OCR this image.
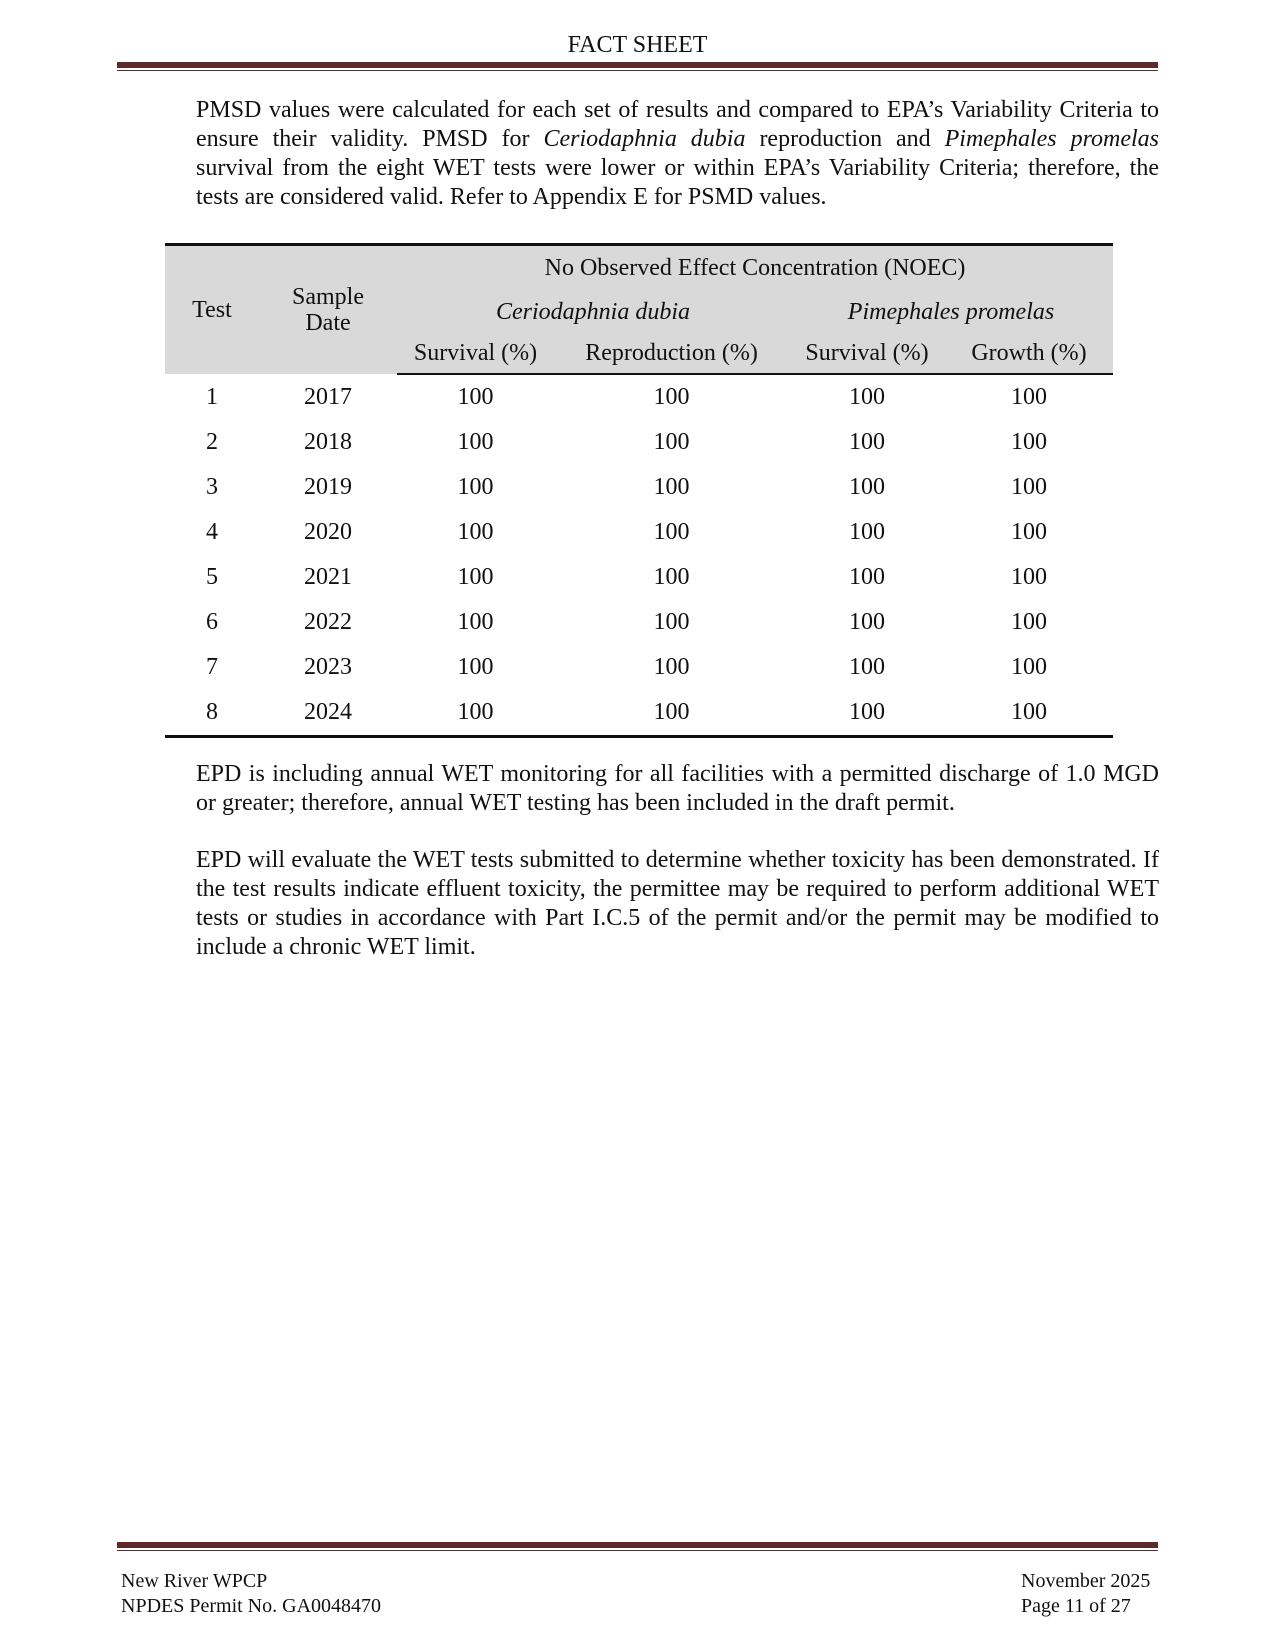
FACT SHEET

PMSD values were calculated for each set of results and compared to EPA’s Variability Criteria to ensure their validity. PMSD for Ceriodaphnia dubia reproduction and Pimephales promelas survival from the eight WET tests were lower or within EPA’s Variability Criteria; therefore, the tests are considered valid. Refer to Appendix E for PSMD values.

Test	Sample Date	No Observed Effect Concentration (NOEC)			
		Ceriodaphnia dubia		Pimephales promelas	
		Survival (%)	Reproduction (%)	Survival (%)	Growth (%)
1	2017	100	100	100	100
2	2018	100	100	100	100
3	2019	100	100	100	100
4	2020	100	100	100	100
5	2021	100	100	100	100
6	2022	100	100	100	100
7	2023	100	100	100	100
8	2024	100	100	100	100

EPD is including annual WET monitoring for all facilities with a permitted discharge of 1.0 MGD or greater; therefore, annual WET testing has been included in the draft permit.

EPD will evaluate the WET tests submitted to determine whether toxicity has been demonstrated. If the test results indicate effluent toxicity, the permittee may be required to perform additional WET tests or studies in accordance with Part I.C.5 of the permit and/or the permit may be modified to include a chronic WET limit.

New River WPCP
NPDES Permit No. GA0048470
November 2025
Page 11 of 27
